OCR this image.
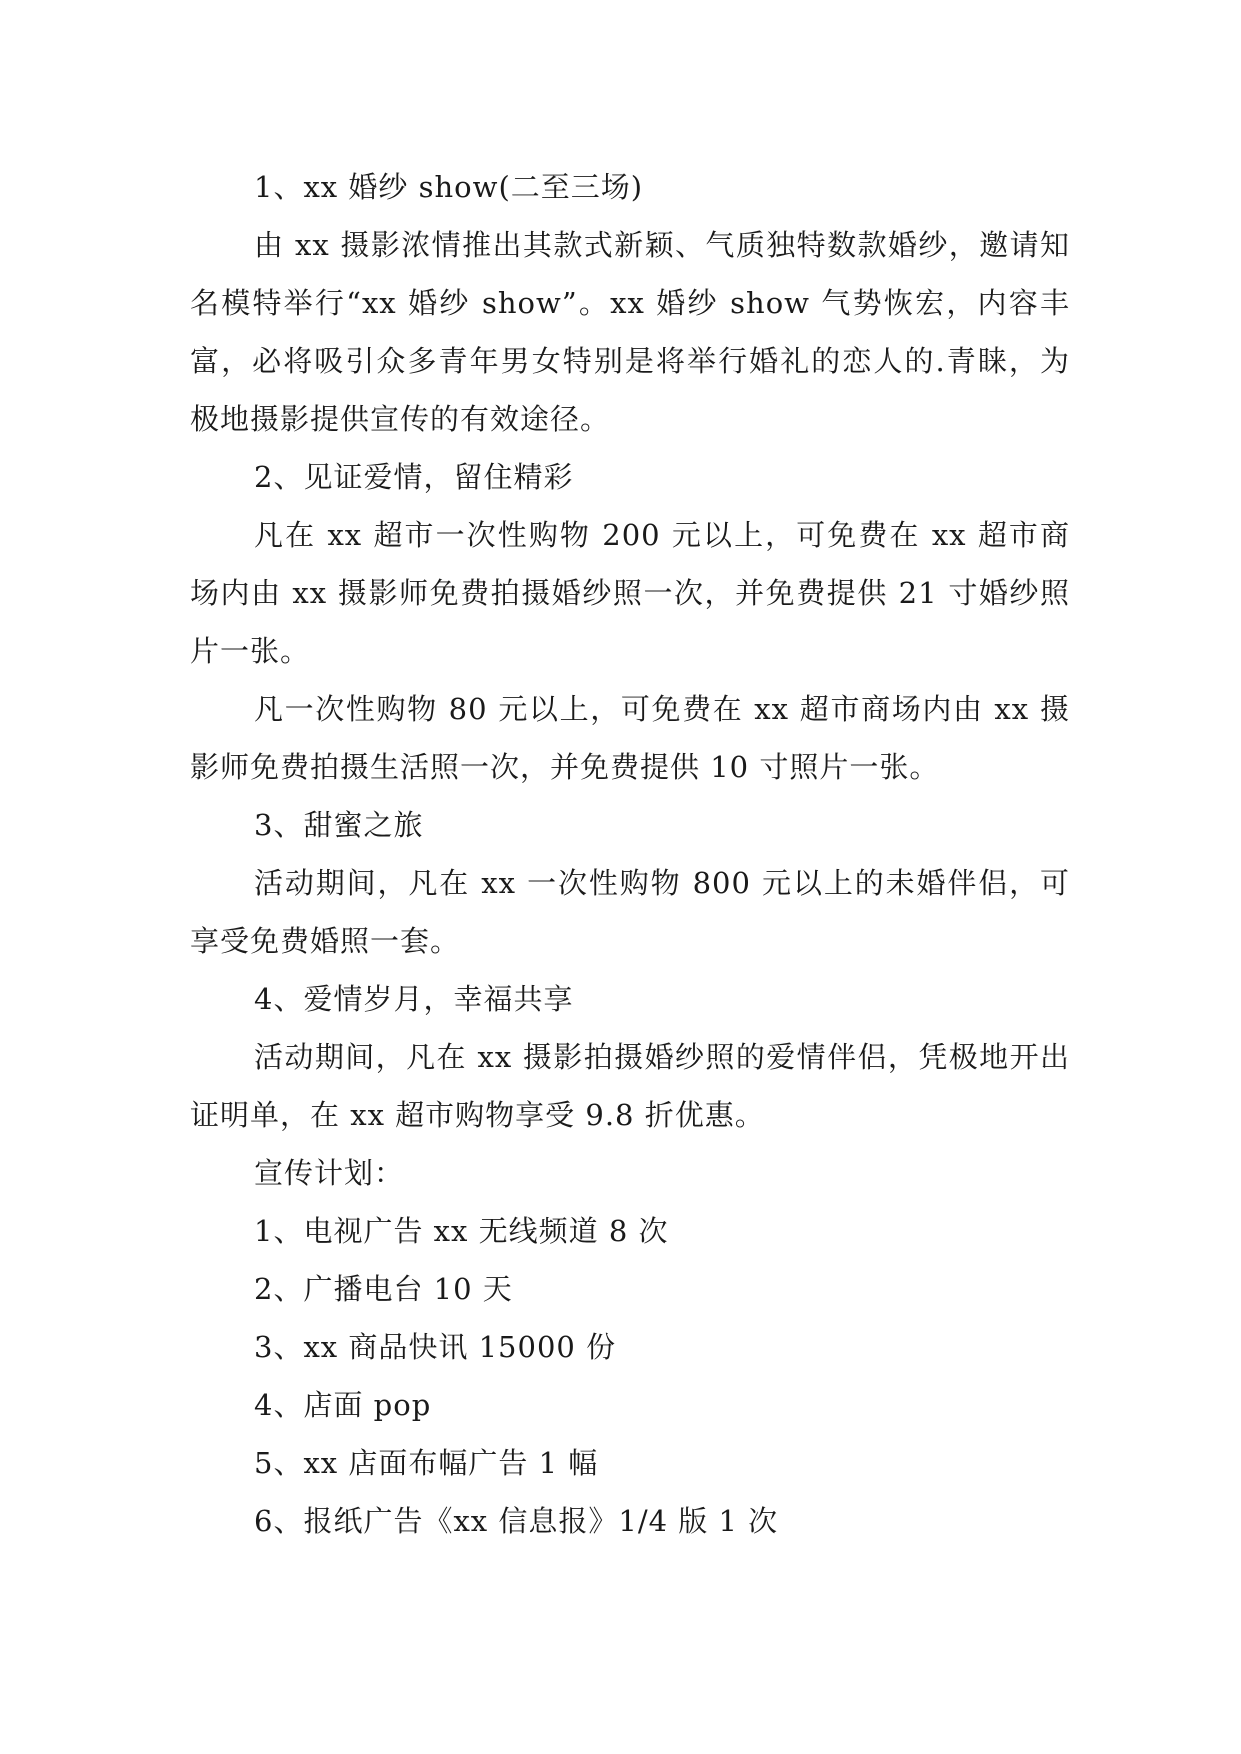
1、xx 婚纱 show(二至三场)

由 xx 摄影浓情推出其款式新颖、气质独特数款婚纱，邀请知名模特举行“xx 婚纱 show”。xx 婚纱 show 气势恢宏，内容丰富，必将吸引众多青年男女特别是将举行婚礼的恋人的.青睐，为极地摄影提供宣传的有效途径。

2、见证爱情，留住精彩

凡在 xx 超市一次性购物 200 元以上，可免费在 xx 超市商场内由 xx 摄影师免费拍摄婚纱照一次，并免费提供 21 寸婚纱照片一张。

凡一次性购物 80 元以上，可免费在 xx 超市商场内由 xx 摄影师免费拍摄生活照一次，并免费提供 10 寸照片一张。

3、甜蜜之旅

活动期间，凡在 xx 一次性购物 800 元以上的未婚伴侣，可享受免费婚照一套。

4、爱情岁月，幸福共享

活动期间，凡在 xx 摄影拍摄婚纱照的爱情伴侣，凭极地开出证明单，在 xx 超市购物享受 9.8 折优惠。

宣传计划：

1、电视广告 xx 无线频道 8 次

2、广播电台 10 天

3、xx 商品快讯 15000 份

4、店面 pop

5、xx 店面布幅广告 1 幅

6、报纸广告《xx 信息报》1/4 版 1 次
